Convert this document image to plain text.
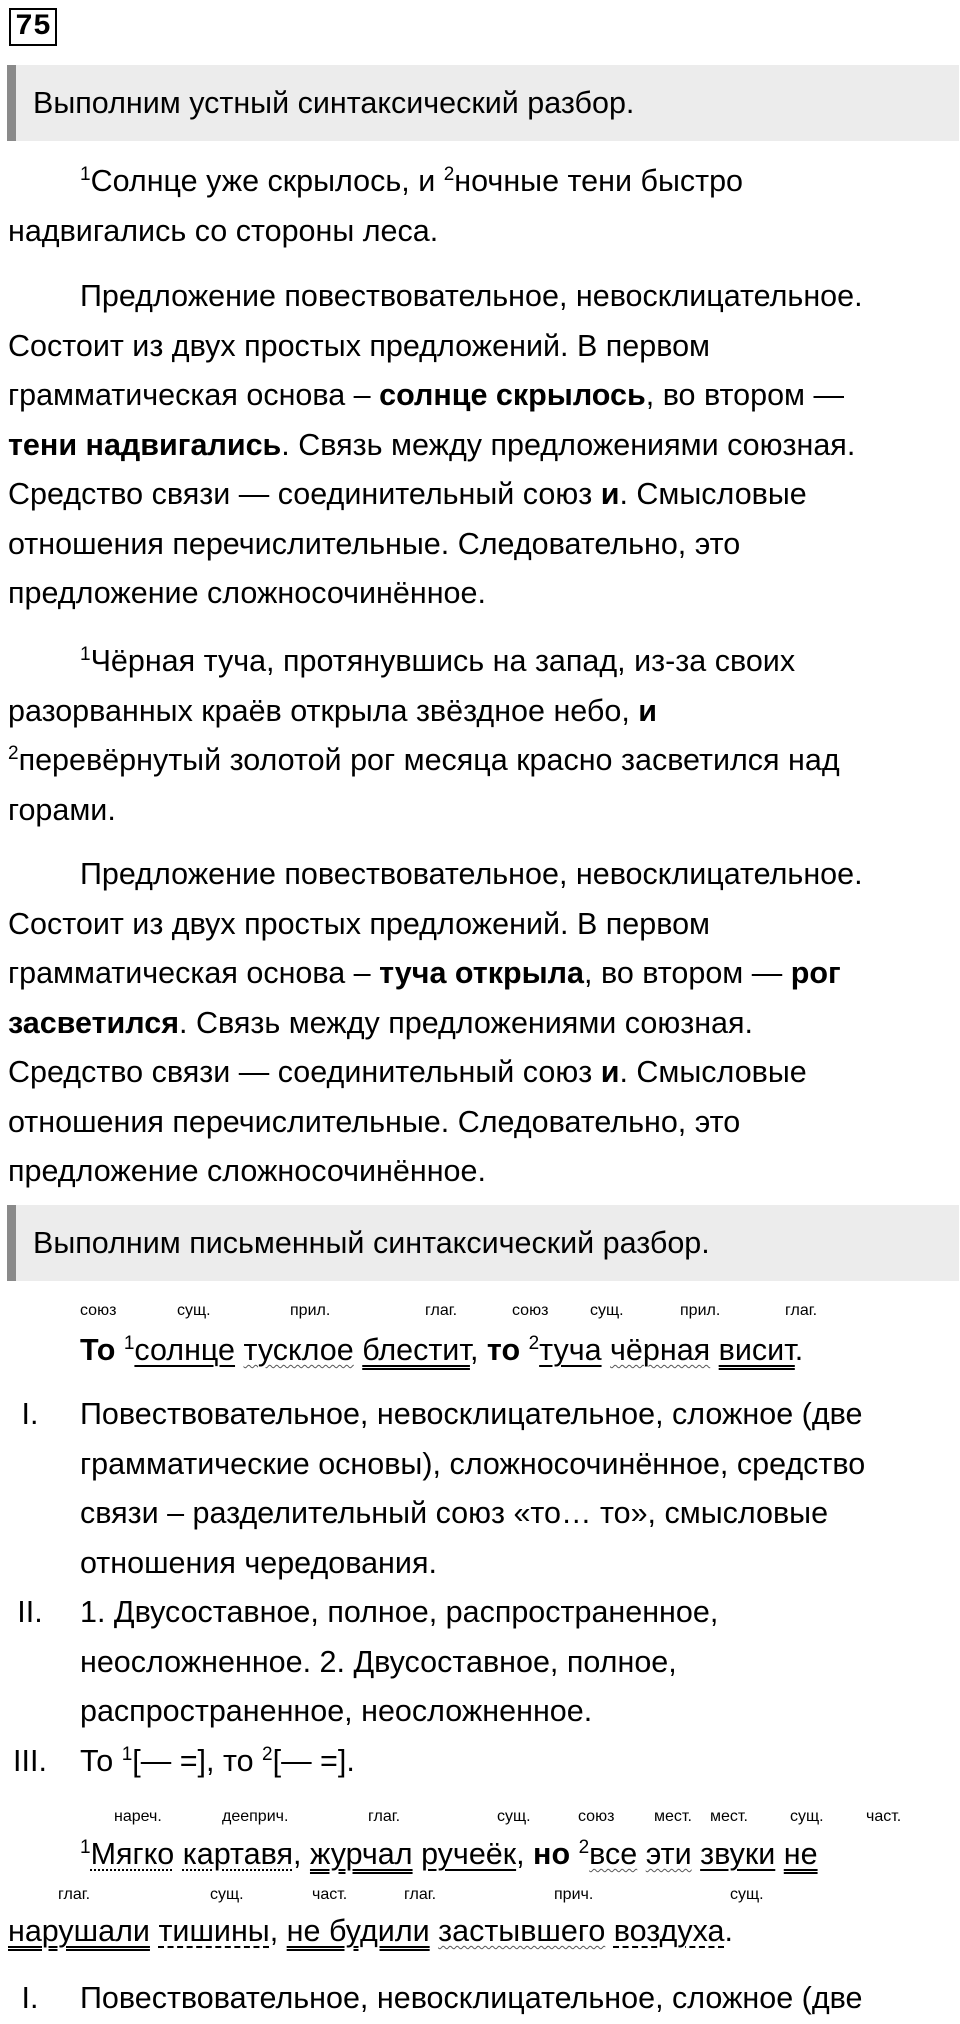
75
Выполним устный синтаксический разбор.
$^1$Солнце уже скрылось, и $^2$ночные тени быстро
надвигались со стороны леса.
Предложение повествовательное, невосклицательное.
Состоит из двух простых предложений. В первом
грамматическая основа – солнце скрылось, во втором —
тени надвигались. Связь между предложениями союзная.
Средство связи — соединительный союз и. Смысловые
отношения перечислительные. Следовательно, это
предложение сложносочинённое.
$^1$Чёрная туча, протянувшись на запад, из-за своих
разорванных краёв открыла звёздное небо, и
$^2$перевёрнутый золотой рог месяца красно засветился над
горами.
Предложение повествовательное, невосклицательное.
Состоит из двух простых предложений. В первом
грамматическая основа – туча открыла, во втором — рог
засветился. Связь между предложениями союзная.
Средство связи — соединительный союз и. Смысловые
отношения перечислительные. Следовательно, это
предложение сложносочинённое.
Выполним письменный синтаксический разбор.
союз	сущ.	прил.	глаг.	союз	сущ.	прил.	глаг.
То $^1$солнце тусклое блестит, то $^2$туча чёрная висит.
I.	Повествовательное, невосклицательное, сложное (две
грамматические основы), сложносочинённое, средство
связи – разделительный союз «то… то», смысловые
отношения чередования.
II.	1. Двусоставное, полное, распространенное,
неосложненное. 2. Двусоставное, полное,
распространенное, неосложненное.
III.	То $^1$[— =], то $^2$[— =].
нареч.	дееприч.	глаг.	сущ.	союз мест. мест.	сущ.	част.
$^1$Мягко картавя, журчал ручеёк, но $^2$все эти звуки не
глаг.	сущ.	част.	глаг.	прич.	сущ.
нарушали тишины, не будили застывшего воздуха.
I.	Повествовательное, невосклицательное, сложное (две
